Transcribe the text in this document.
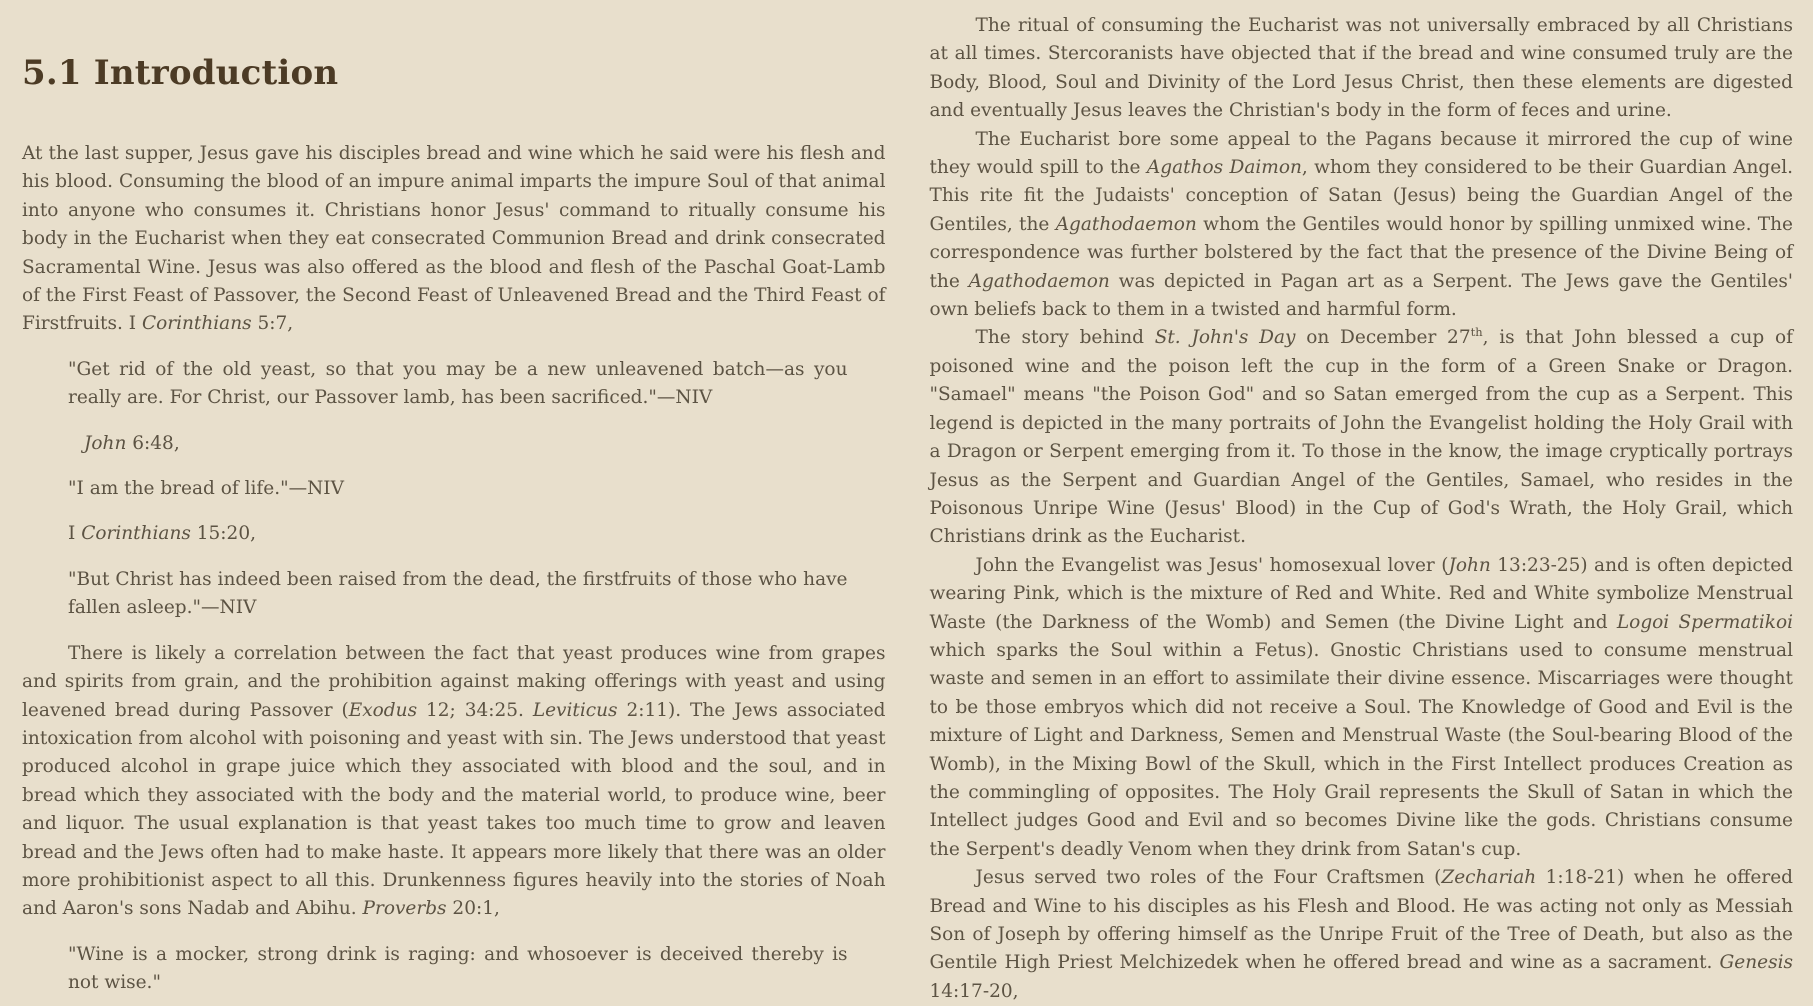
5.1 Introduction

At the last supper, Jesus gave his disciples bread and wine which he said were his flesh and his blood. Consuming the blood of an impure animal imparts the impure Soul of that animal into anyone who consumes it. Christians honor Jesus' command to ritually consume his body in the Eucharist when they eat consecrated Communion Bread and drink consecrated Sacramental Wine. Jesus was also offered as the blood and flesh of the Paschal Goat-Lamb of the First Feast of Passover, the Second Feast of Unleavened Bread and the Third Feast of Firstfruits. I Corinthians 5:7,

"Get rid of the old yeast, so that you may be a new unleavened batch—as you really are. For Christ, our Passover lamb, has been sacrificed."—NIV

John 6:48,

"I am the bread of life."—NIV

I Corinthians 15:20,

"But Christ has indeed been raised from the dead, the firstfruits of those who have fallen asleep."—NIV

There is likely a correlation between the fact that yeast produces wine from grapes and spirits from grain, and the prohibition against making offerings with yeast and using leavened bread during Passover (Exodus 12; 34:25. Leviticus 2:11). The Jews associated intoxication from alcohol with poisoning and yeast with sin. The Jews understood that yeast produced alcohol in grape juice which they associated with blood and the soul, and in bread which they associated with the body and the material world, to produce wine, beer and liquor. The usual explanation is that yeast takes too much time to grow and leaven bread and the Jews often had to make haste. It appears more likely that there was an older more prohibitionist aspect to all this. Drunkenness figures heavily into the stories of Noah and Aaron's sons Nadab and Abihu. Proverbs 20:1,

"Wine is a mocker, strong drink is raging: and whosoever is deceived thereby is not wise."

The ritual of consuming the Eucharist was not universally embraced by all Christians at all times. Stercoranists have objected that if the bread and wine consumed truly are the Body, Blood, Soul and Divinity of the Lord Jesus Christ, then these elements are digested and eventually Jesus leaves the Christian's body in the form of feces and urine.

The Eucharist bore some appeal to the Pagans because it mirrored the cup of wine they would spill to the Agathos Daimon, whom they considered to be their Guardian Angel. This rite fit the Judaists' conception of Satan (Jesus) being the Guardian Angel of the Gentiles, the Agathodaemon whom the Gentiles would honor by spilling unmixed wine. The correspondence was further bolstered by the fact that the presence of the Divine Being of the Agathodaemon was depicted in Pagan art as a Serpent. The Jews gave the Gentiles' own beliefs back to them in a twisted and harmful form.

The story behind St. John's Day on December 27th, is that John blessed a cup of poisoned wine and the poison left the cup in the form of a Green Snake or Dragon. "Samael" means "the Poison God" and so Satan emerged from the cup as a Serpent. This legend is depicted in the many portraits of John the Evangelist holding the Holy Grail with a Dragon or Serpent emerging from it. To those in the know, the image cryptically portrays Jesus as the Serpent and Guardian Angel of the Gentiles, Samael, who resides in the Poisonous Unripe Wine (Jesus' Blood) in the Cup of God's Wrath, the Holy Grail, which Christians drink as the Eucharist.

John the Evangelist was Jesus' homosexual lover (John 13:23-25) and is often depicted wearing Pink, which is the mixture of Red and White. Red and White symbolize Menstrual Waste (the Darkness of the Womb) and Semen (the Divine Light and Logoi Spermatikoi which sparks the Soul within a Fetus). Gnostic Christians used to consume menstrual waste and semen in an effort to assimilate their divine essence. Miscarriages were thought to be those embryos which did not receive a Soul. The Knowledge of Good and Evil is the mixture of Light and Darkness, Semen and Menstrual Waste (the Soul-bearing Blood of the Womb), in the Mixing Bowl of the Skull, which in the First Intellect produces Creation as the commingling of opposites. The Holy Grail represents the Skull of Satan in which the Intellect judges Good and Evil and so becomes Divine like the gods. Christians consume the Serpent's deadly Venom when they drink from Satan's cup.

Jesus served two roles of the Four Craftsmen (Zechariah 1:18-21) when he offered Bread and Wine to his disciples as his Flesh and Blood. He was acting not only as Messiah Son of Joseph by offering himself as the Unripe Fruit of the Tree of Death, but also as the Gentile High Priest Melchizedek when he offered bread and wine as a sacrament. Genesis 14:17-20,
